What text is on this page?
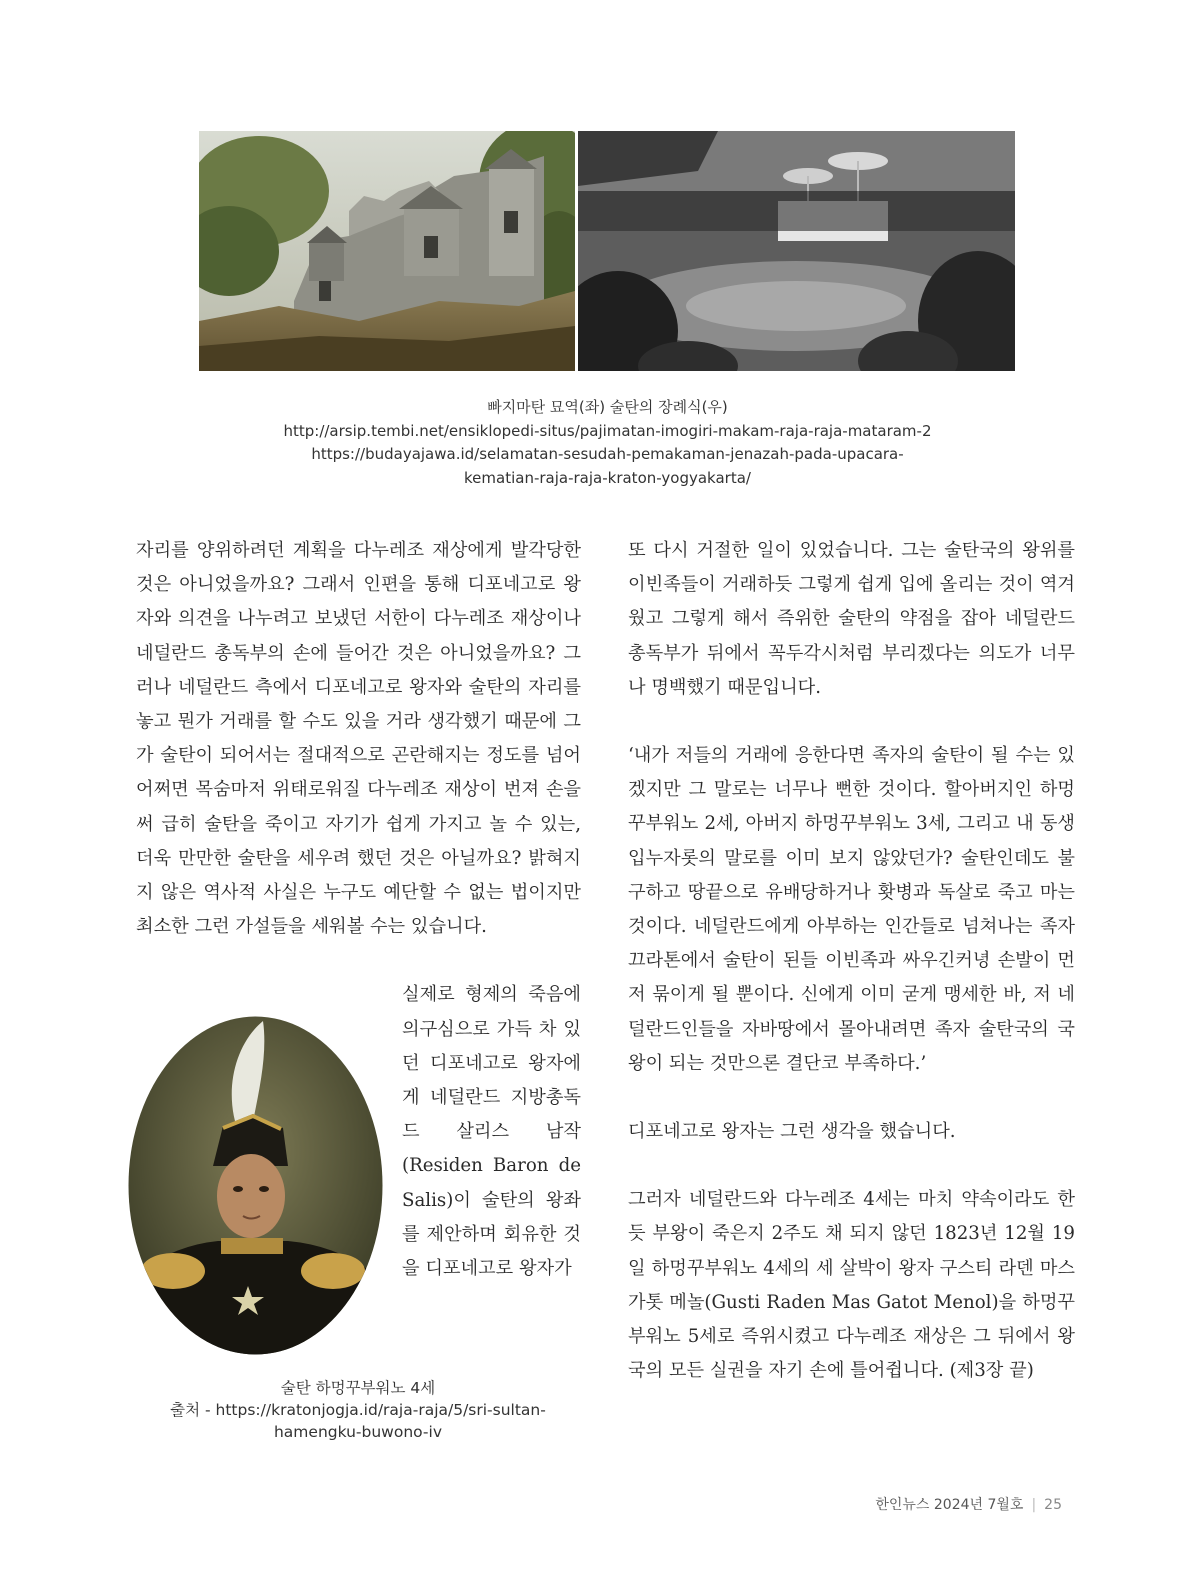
빠지마탄 묘역(좌) 술탄의 장례식(우)
http://arsip.tembi.net/ensiklopedi-situs/pajimatan-imogiri-makam-raja-raja-mataram-2
https://budayajawa.id/selamatan-sesudah-pemakaman-jenazah-pada-upacara-
kematian-raja-raja-kraton-yogyakarta/

자리를 양위하려던 계획을 다누레조 재상에게 발각당한 것은 아니었을까요? 그래서 인편을 통해 디포네고로 왕자와 의견을 나누려고 보냈던 서한이 다누레조 재상이나 네덜란드 총독부의 손에 들어간 것은 아니었을까요? 그러나 네덜란드 측에서 디포네고로 왕자와 술탄의 자리를 놓고 뭔가 거래를 할 수도 있을 거라 생각했기 때문에 그가 술탄이 되어서는 절대적으로 곤란해지는 정도를 넘어 어쩌면 목숨마저 위태로워질 다누레조 재상이 번져 손을 써 급히 술탄을 죽이고 자기가 쉽게 가지고 놀 수 있는, 더욱 만만한 술탄을 세우려 했던 것은 아닐까요? 밝혀지지 않은 역사적 사실은 누구도 예단할 수 없는 법이지만 최소한 그런 가설들을 세워볼 수는 있습니다.

실제로 형제의 죽음에 의구심으로 가득 차 있던 디포네고로 왕자에게 네덜란드 지방총독 드 살리스 남작(Residen Baron de Salis)이 술탄의 왕좌를 제안하며 회유한 것을 디포네고로 왕자가

술탄 하멍꾸부워노 4세
출처 - https://kratonjogja.id/raja-raja/5/sri-sultan-
hamengku-buwono-iv

또 다시 거절한 일이 있었습니다. 그는 술탄국의 왕위를 이빈족들이 거래하듯 그렇게 쉽게 입에 올리는 것이 역겨웠고 그렇게 해서 즉위한 술탄의 약점을 잡아 네덜란드 총독부가 뒤에서 꼭두각시처럼 부리겠다는 의도가 너무나 명백했기 때문입니다.

‘내가 저들의 거래에 응한다면 족자의 술탄이 될 수는 있겠지만 그 말로는 너무나 뻔한 것이다. 할아버지인 하멍꾸부워노 2세, 아버지 하멍꾸부워노 3세, 그리고 내 동생 입누자롯의 말로를 이미 보지 않았던가? 술탄인데도 불구하고 땅끝으로 유배당하거나 홧병과 독살로 죽고 마는 것이다. 네덜란드에게 아부하는 인간들로 넘쳐나는 족자 끄라톤에서 술탄이 된들 이빈족과 싸우긴커녕 손발이 먼저 묶이게 될 뿐이다. 신에게 이미 굳게 맹세한 바, 저 네덜란드인들을 자바땅에서 몰아내려면 족자 술탄국의 국왕이 되는 것만으론 결단코 부족하다.’

디포네고로 왕자는 그런 생각을 했습니다.

그러자 네덜란드와 다누레조 4세는 마치 약속이라도 한 듯 부왕이 죽은지 2주도 채 되지 않던 1823년 12월 19일 하멍꾸부워노 4세의 세 살박이 왕자 구스티 라덴 마스 가톳 메놀(Gusti Raden Mas Gatot Menol)을 하멍꾸부워노 5세로 즉위시켰고 다누레조 재상은 그 뒤에서 왕국의 모든 실권을 자기 손에 틀어쥡니다. (제3장 끝)

한인뉴스 2024년 7월호 | 25
